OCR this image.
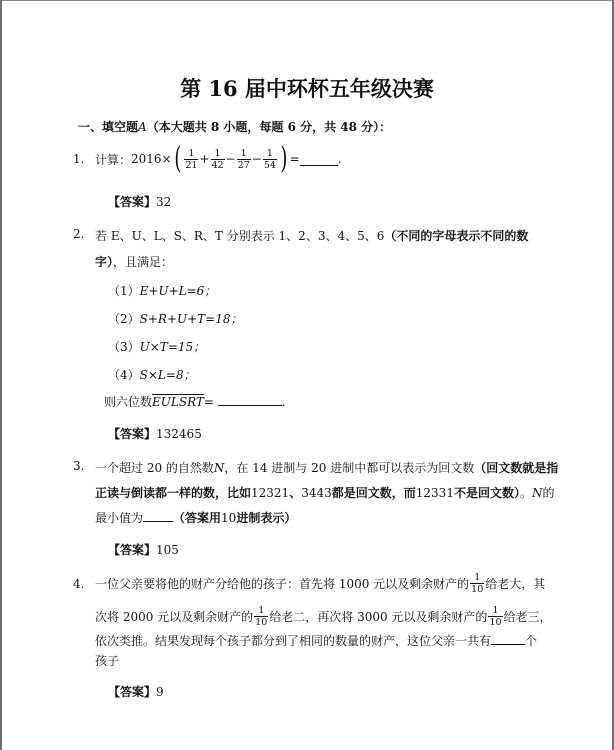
第 16 届中环杯五年级决赛
一、填空题A（本大题共 8 小题，每题 6 分，共 48 分）：
1. 计算： 2016 × ( $\frac{1}{21} + \frac{1}{42} - \frac{1}{27} - \frac{1}{54}$ ) =	.
【答案】32
2. 若 E、U、L、S、R、T 分别表示 1、2、3、4、5、6（不同的字母表示不同的数
字），且满足：
（1）E+U+L=6；
（2）S+R+U+T=18；
（3）U×T=15；
（4）S×L=8；
则六位数EULSRT=	.
【答案】132465
3. 一个超过 20 的自然数N，在 14 进制与 20 进制中都可以表示为回文数（回文数就是指
正读与倒读都一样的数，比如12321、3443都是回文数，而12331不是回文数）。N的
最小值为	（答案用10进制表示）
【答案】105
4. 一位父亲要将他的财产分给他的孩子：首先将 1000 元以及剩余财产的 $\frac{1}{10}$ 给老大，其
次将 2000 元以及剩余财产的 $\frac{1}{10}$ 给老二，再次将 3000 元以及剩余财产的 $\frac{1}{10}$ 给老三，
依次类推。结果发现每个孩子都分到了相同的数量的财产，这位父亲一共有	个
孩子
【答案】9
